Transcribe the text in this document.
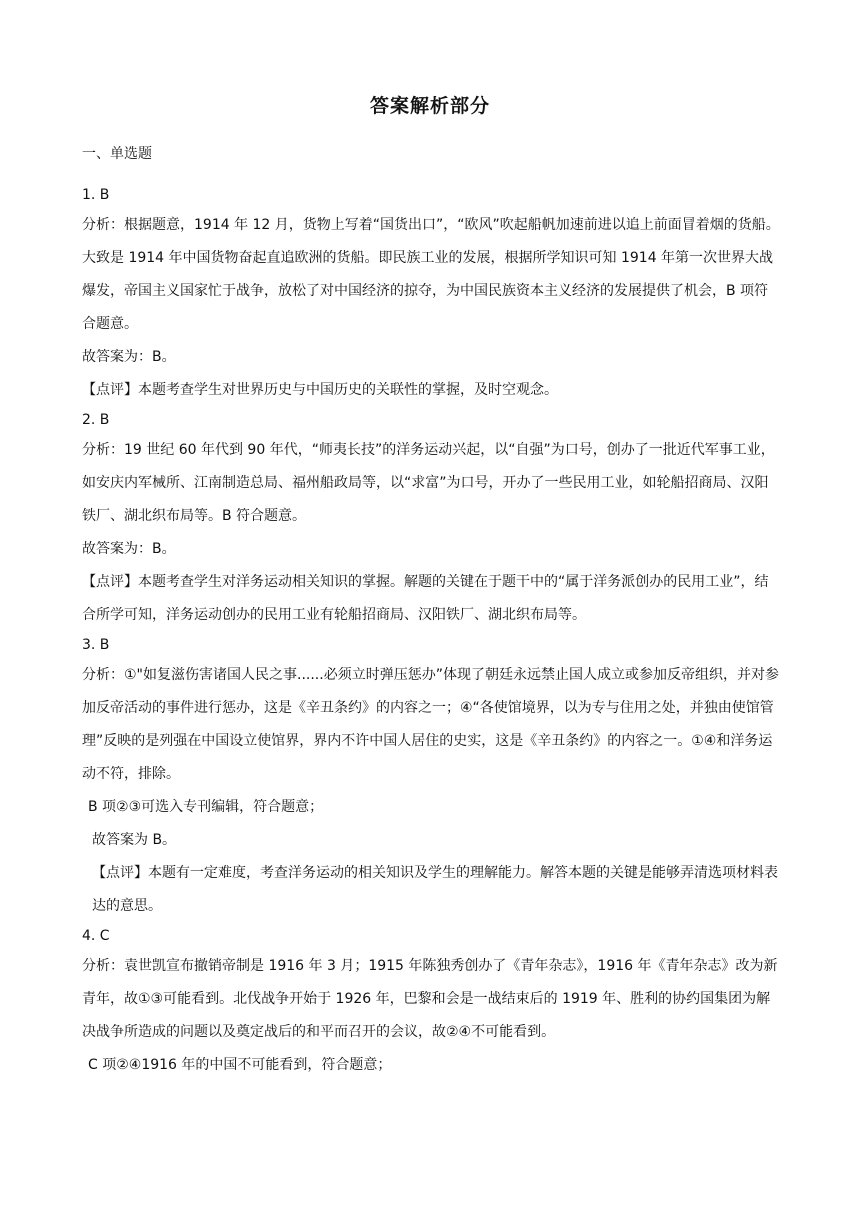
答案解析部分
一、单选题

1. B

分析：根据题意，1914 年 12 月，货物上写着“国货出口”，“欧风”吹起船帆加速前进以追上前面冒着烟的货船。大致是 1914 年中国货物奋起直追欧洲的货船。即民族工业的发展，根据所学知识可知 1914 年第一次世界大战爆发，帝国主义国家忙于战争，放松了对中国经济的掠夺，为中国民族资本主义经济的发展提供了机会，B 项符合题意。

故答案为：B。

【点评】本题考查学生对世界历史与中国历史的关联性的掌握，及时空观念。

2. B

分析：19 世纪 60 年代到 90 年代，“师夷长技”的洋务运动兴起，以“自强”为口号，创办了一批近代军事工业，如安庆内军械所、江南制造总局、福州船政局等，以“求富”为口号，开办了一些民用工业，如轮船招商局、汉阳铁厂、湖北织布局等。B 符合题意。

故答案为：B。

【点评】本题考查学生对洋务运动相关知识的掌握。解题的关键在于题干中的“属于洋务派创办的民用工业”，结合所学可知，洋务运动创办的民用工业有轮船招商局、汉阳铁厂、湖北织布局等。

3. B

分析：①"如复滋伤害诸国人民之事......必须立时弹压惩办”体现了朝廷永远禁止国人成立或参加反帝组织，并对参加反帝活动的事件进行惩办，这是《辛丑条约》的内容之一；④“各使馆境界，以为专与住用之处，并独由使馆管理”反映的是列强在中国设立使馆界，界内不许中国人居住的史实，这是《辛丑条约》的内容之一。①④和洋务运动不符，排除。

B 项②③可选入专刊编辑，符合题意；

故答案为 B。

【点评】本题有一定难度，考查洋务运动的相关知识及学生的理解能力。解答本题的关键是能够弄清选项材料表达的意思。

4. C

分析：袁世凯宣布撤销帝制是 1916 年 3 月；1915 年陈独秀创办了《青年杂志》，1916 年《青年杂志》改为新青年，故①③可能看到。北伐战争开始于 1926 年，巴黎和会是一战结束后的 1919 年、胜利的协约国集团为解决战争所造成的问题以及奠定战后的和平而召开的会议，故②④不可能看到。

C 项②④1916 年的中国不可能看到，符合题意；
